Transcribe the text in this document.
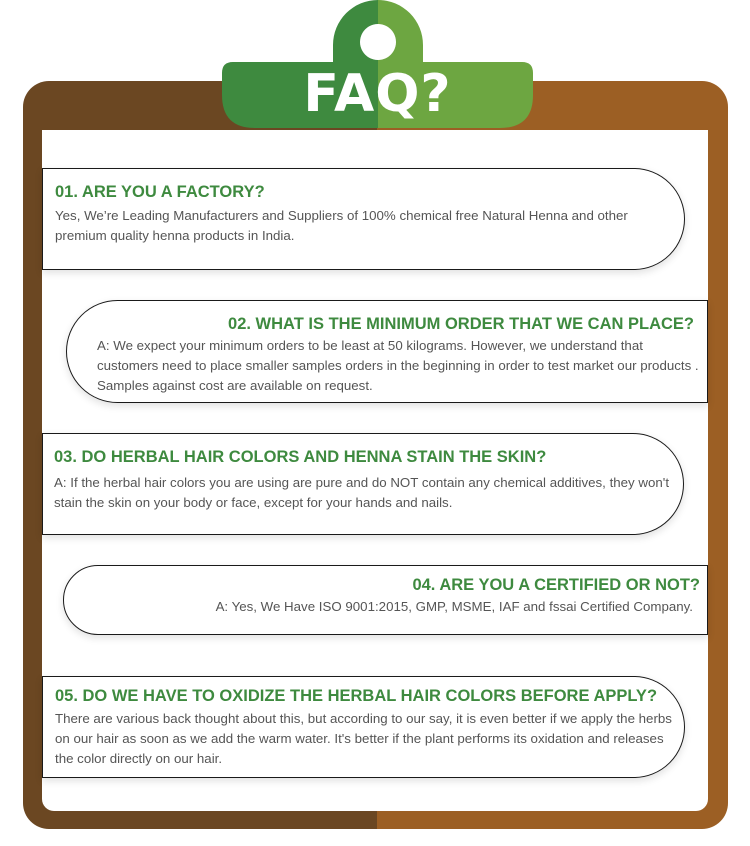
FAQ?
01. ARE YOU A FACTORY?
Yes, We’re Leading Manufacturers and Suppliers of 100% chemical free Natural Henna and other premium quality henna products in India.
02. WHAT IS THE MINIMUM ORDER THAT WE CAN PLACE?
A: We expect your minimum orders to be least at 50 kilograms. However, we understand that customers need to place smaller samples orders in the beginning in order to test market our products . Samples against cost are available on request.
03. DO HERBAL HAIR COLORS AND HENNA STAIN THE SKIN?
A: If the herbal hair colors you are using are pure and do NOT contain any chemical additives, they won't stain the skin on your body or face, except for your hands and nails.
04. ARE YOU A CERTIFIED OR NOT?
A: Yes, We Have ISO 9001:2015, GMP, MSME, IAF and fssai Certified Company.
05. DO WE HAVE TO OXIDIZE THE HERBAL HAIR COLORS BEFORE APPLY?
There are various back thought about this, but according to our say, it is even better if we apply the herbs on our hair as soon as we add the warm water. It's better if the plant performs its oxidation and releases the color directly on our hair.
